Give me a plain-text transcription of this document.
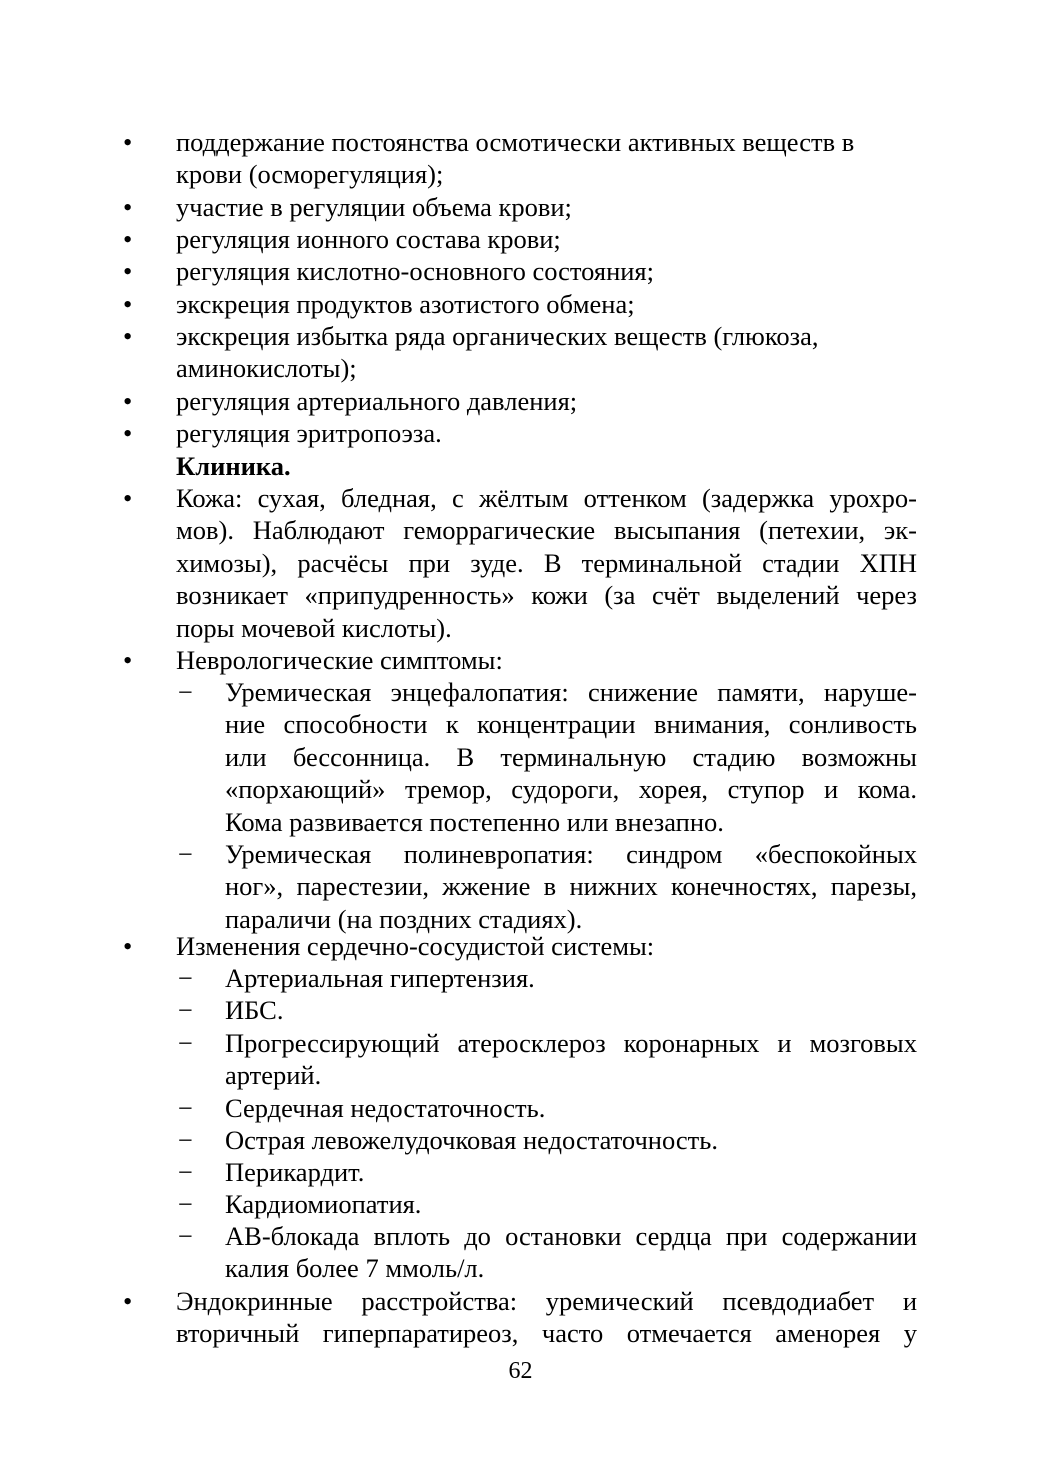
• поддержание постоянства осмотически активных веществ в
крови (осморегуляция);
• участие в регуляции объема крови;
• регуляция ионного состава крови;
• регуляция кислотно-основного состояния;
• экскреция продуктов азотистого обмена;
• экскреция избытка ряда органических веществ (глюкоза,
аминокислоты);
• регуляция артериального давления;
• регуляция эритропоэза.
Клиника.
• Кожа: сухая, бледная, с жёлтым оттенком (задержка урохро-
мов). Наблюдают геморрагические высыпания (петехии, эк-
химозы), расчёсы при зуде. В терминальной стадии ХПН
возникает «припудренность» кожи (за счёт выделений через
поры мочевой кислоты).
• Неврологические симптомы:
− Уремическая энцефалопатия: снижение памяти, наруше-
ние способности к концентрации внимания, сонливость
или бессонница. В терминальную стадию возможны
«порхающий» тремор, судороги, хорея, ступор и кома.
Кома развивается постепенно или внезапно.
− Уремическая полиневропатия: синдром «беспокойных
ног», парестезии, жжение в нижних конечностях, парезы,
параличи (на поздних стадиях).
• Изменения сердечно-сосудистой системы:
− Артериальная гипертензия.
− ИБС.
− Прогрессирующий атеросклероз коронарных и мозговых
артерий.
− Сердечная недостаточность.
− Острая левожелудочковая недостаточность.
− Перикардит.
− Кардиомиопатия.
− АВ-блокада вплоть до остановки сердца при содержании
калия более 7 ммоль/л.
• Эндокринные расстройства: уремический псевдодиабет и
вторичный гиперпаратиреоз, часто отмечается аменорея у
62
